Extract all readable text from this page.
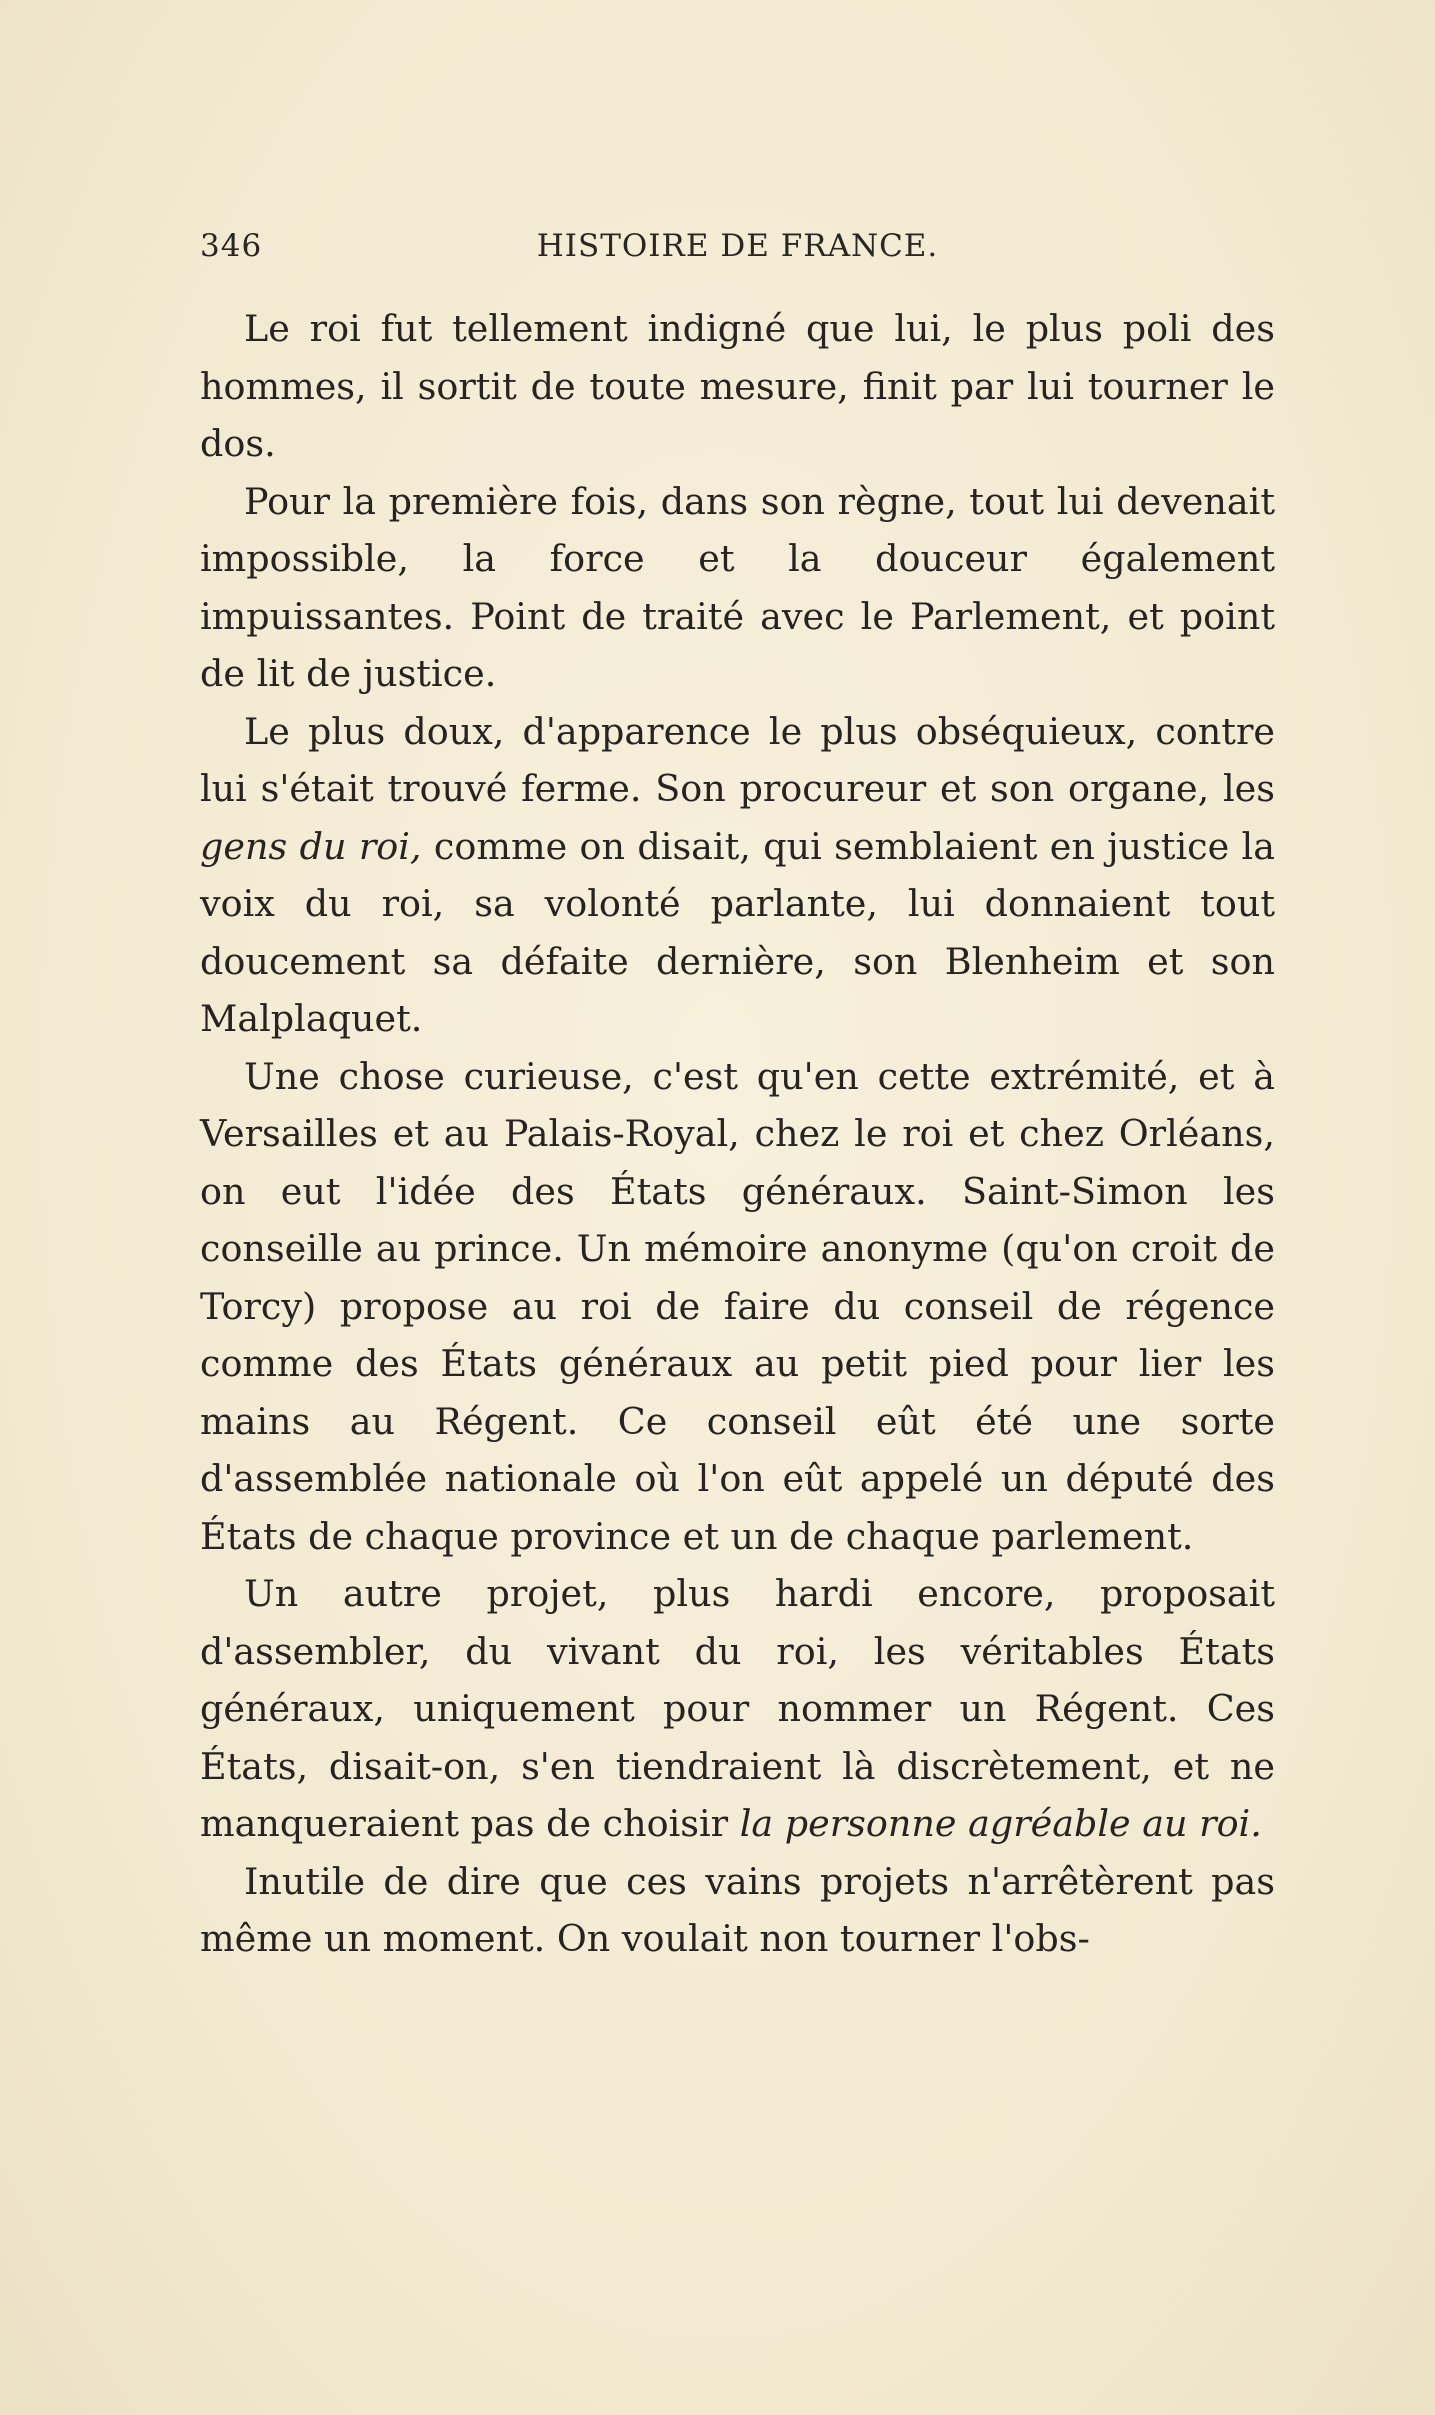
346	HISTOIRE DE FRANCE.

Le roi fut tellement indigné que lui, le plus poli des hommes, il sortit de toute mesure, finit par lui tourner le dos.

Pour la première fois, dans son règne, tout lui devenait impossible, la force et la douceur également impuissantes. Point de traité avec le Parlement, et point de lit de justice.

Le plus doux, d'apparence le plus obséquieux, contre lui s'était trouvé ferme. Son procureur et son organe, les gens du roi, comme on disait, qui semblaient en justice la voix du roi, sa volonté parlante, lui donnaient tout doucement sa défaite dernière, son Blenheim et son Malplaquet.

Une chose curieuse, c'est qu'en cette extrémité, et à Versailles et au Palais-Royal, chez le roi et chez Orléans, on eut l'idée des États généraux. Saint-Simon les conseille au prince. Un mémoire anonyme (qu'on croit de Torcy) propose au roi de faire du conseil de régence comme des États généraux au petit pied pour lier les mains au Régent. Ce conseil eût été une sorte d'assemblée nationale où l'on eût appelé un député des États de chaque province et un de chaque parlement.

Un autre projet, plus hardi encore, proposait d'assembler, du vivant du roi, les véritables États généraux, uniquement pour nommer un Régent. Ces États, disait-on, s'en tiendraient là discrètement, et ne manqueraient pas de choisir la personne agréable au roi.

Inutile de dire que ces vains projets n'arrêtèrent pas même un moment. On voulait non tourner l'obs-
